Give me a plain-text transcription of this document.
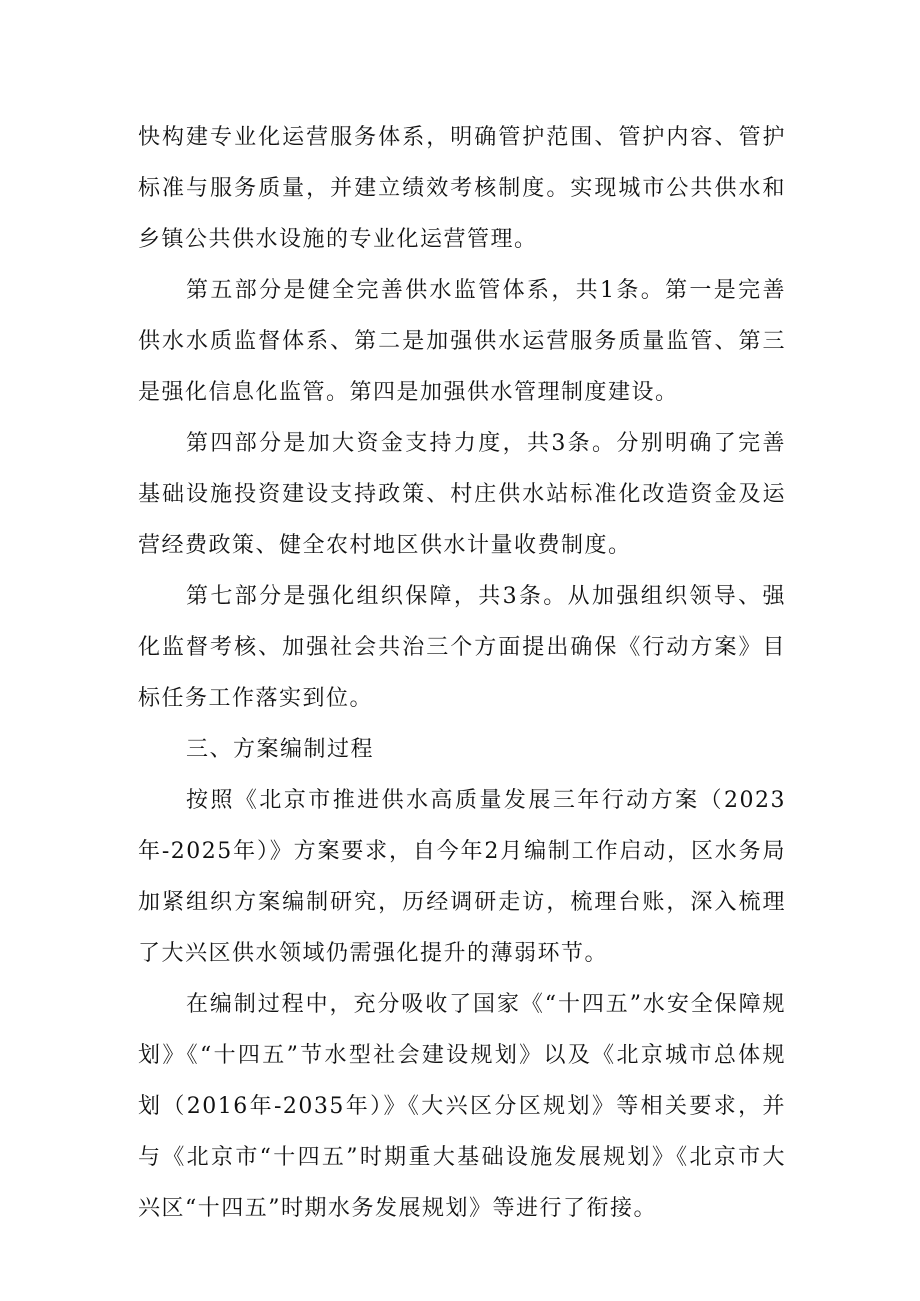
快构建专业化运营服务体系，明确管护范围、管护内容、管护标准与服务质量，并建立绩效考核制度。实现城市公共供水和乡镇公共供水设施的专业化运营管理。

第五部分是健全完善供水监管体系，共1条。第一是完善供水水质监督体系、第二是加强供水运营服务质量监管、第三是强化信息化监管。第四是加强供水管理制度建设。

第四部分是加大资金支持力度，共3条。分别明确了完善基础设施投资建设支持政策、村庄供水站标准化改造资金及运营经费政策、健全农村地区供水计量收费制度。

第七部分是强化组织保障，共3条。从加强组织领导、强化监督考核、加强社会共治三个方面提出确保《行动方案》目标任务工作落实到位。

三、方案编制过程

按照《北京市推进供水高质量发展三年行动方案（2023年-2025年）》方案要求，自今年2月编制工作启动，区水务局加紧组织方案编制研究，历经调研走访，梳理台账，深入梳理了大兴区供水领域仍需强化提升的薄弱环节。

在编制过程中，充分吸收了国家《“十四五”水安全保障规划》《“十四五”节水型社会建设规划》以及《北京城市总体规划（2016年-2035年）》《大兴区分区规划》等相关要求，并与《北京市“十四五”时期重大基础设施发展规划》《北京市大兴区“十四五”时期水务发展规划》等进行了衔接。
